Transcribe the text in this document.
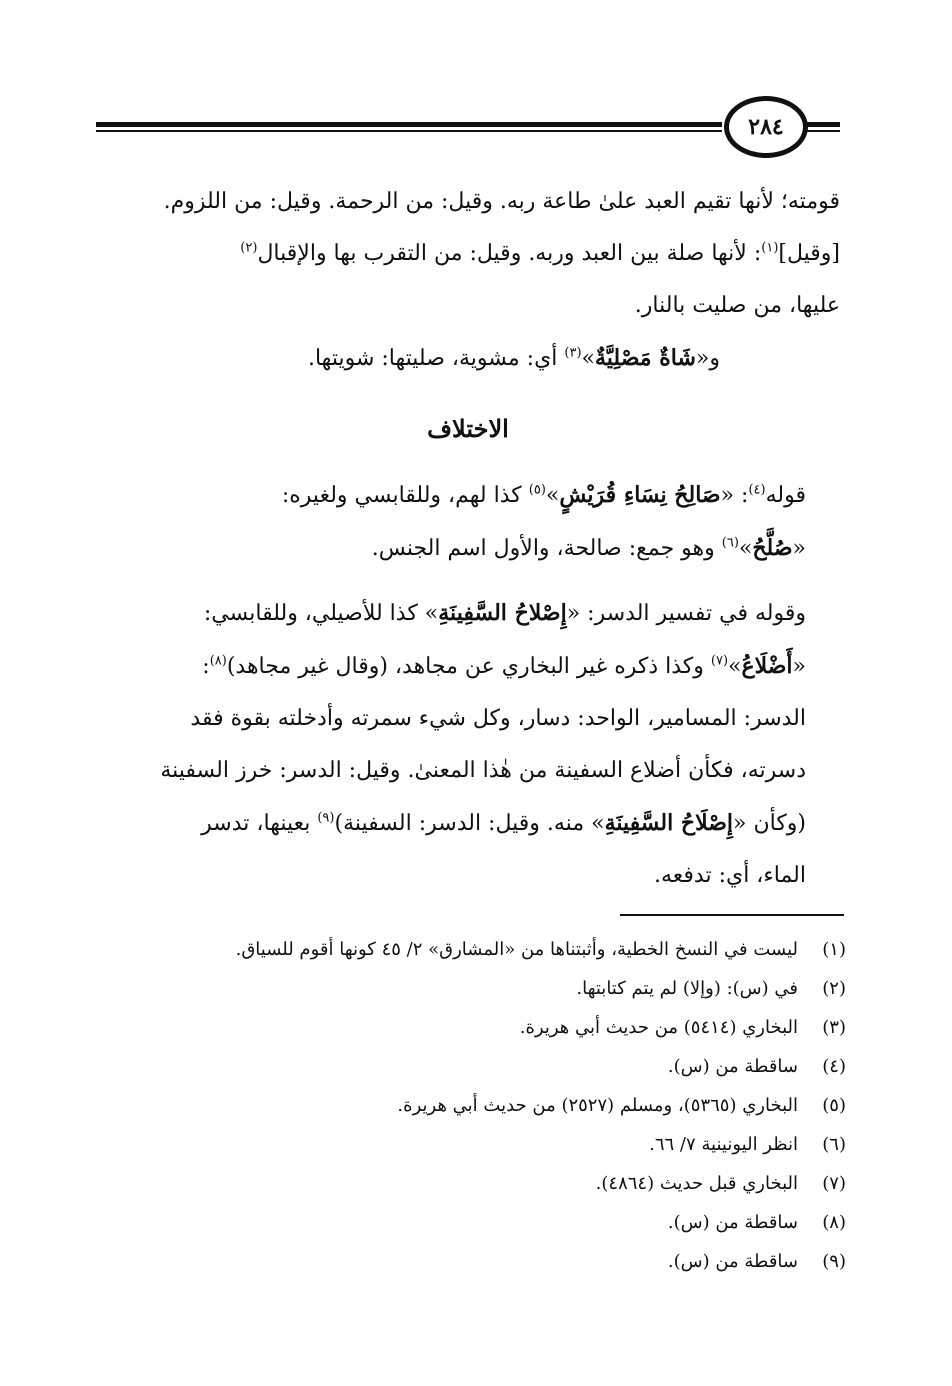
٢٨٤

قومته؛ لأنها تقيم العبد علىٰ طاعة ربه. وقيل: من الرحمة. وقيل: من اللزوم.
[وقيل]$^{(١)}$: لأنها صلة بين العبد وربه. وقيل: من التقرب بها والإقبال$^{(٢)}$
عليها، من صليت بالنار.

و«شَاةٌ مَصْلِيَّةٌ»$^{(٣)}$ أي: مشوية، صليتها: شويتها.

الاختلاف

قوله$^{(٤)}$: «صَالِحُ نِسَاءِ قُرَيْشٍ»$^{(٥)}$ كذا لهم، وللقابسي ولغيره:
«صُلَّحُ»$^{(٦)}$ وهو جمع: صالحة، والأول اسم الجنس.

وقوله في تفسير الدسر: «إِصْلاحُ السَّفِينَةِ» كذا للأصيلي، وللقابسي:
«أَضْلَاعُ»$^{(٧)}$ وكذا ذكره غير البخاري عن مجاهد، (وقال غير مجاهد)$^{(٨)}$:
الدسر: المسامير، الواحد: دسار، وكل شيء سمرته وأدخلته بقوة فقد
دسرته، فكأن أضلاع السفينة من هٰذا المعنىٰ. وقيل: الدسر: خرز السفينة
(وكأن «إِصْلَاحُ السَّفِينَةِ» منه. وقيل: الدسر: السفينة)$^{(٩)}$ بعينها، تدسر
الماء، أي: تدفعه.

(١)
ليست في النسخ الخطية، وأثبتناها من «المشارق» ٢/ ٤٥ كونها أقوم للسياق.
(٢)
في (س): (وإلا) لم يتم كتابتها.
(٣)
البخاري (٥٤١٤) من حديث أبي هريرة.
(٤)
ساقطة من (س).
(٥)
البخاري (٥٣٦٥)، ومسلم (٢٥٢٧) من حديث أبي هريرة.
(٦)
انظر اليونينية ٧/ ٦٦.
(٧)
البخاري قبل حديث (٤٨٦٤).
(٨)
ساقطة من (س).
(٩)
ساقطة من (س).
